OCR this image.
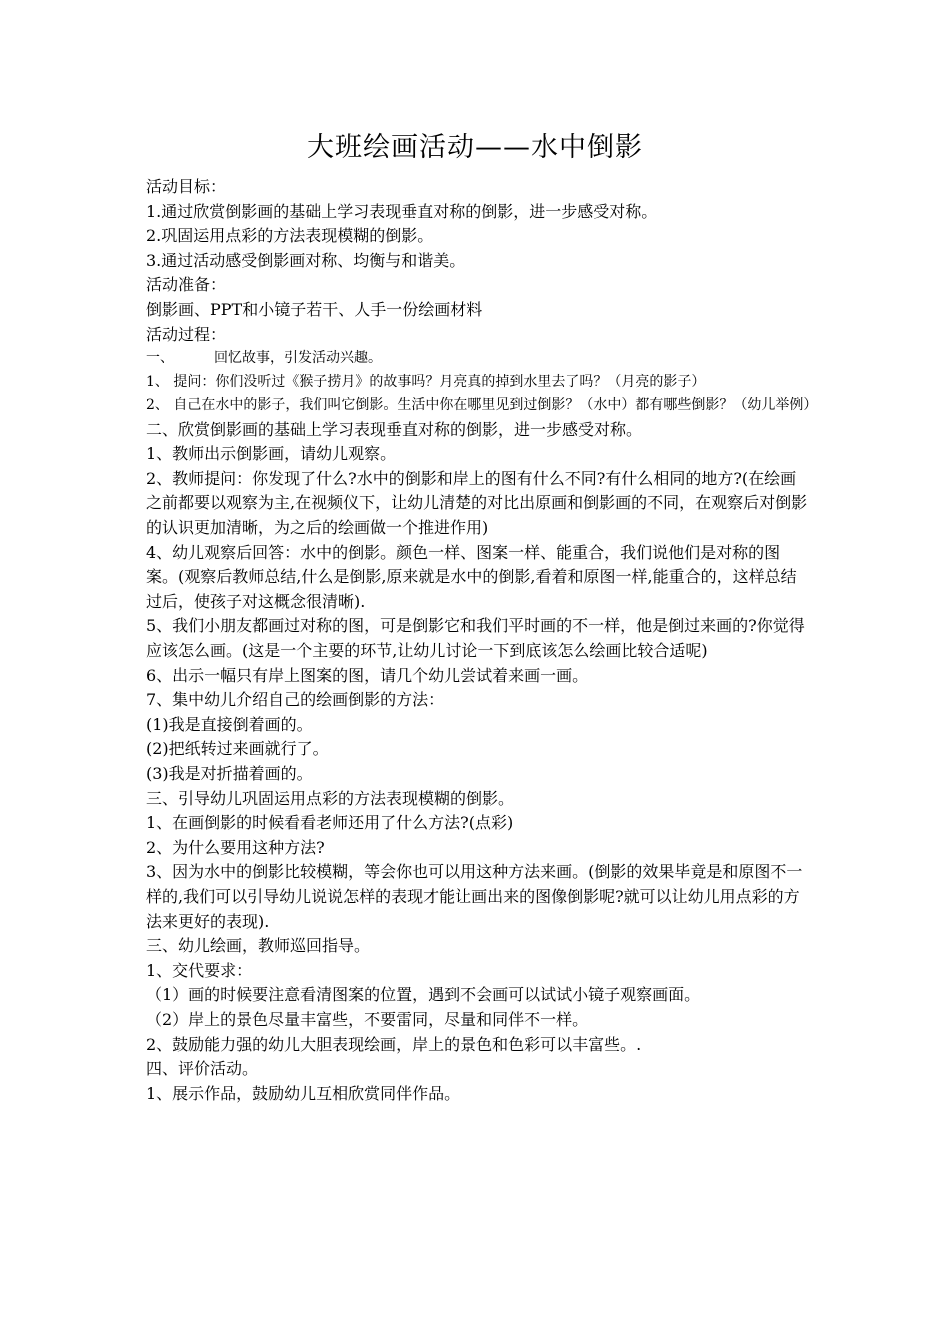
大班绘画活动——水中倒影

活动目标：

1.通过欣赏倒影画的基础上学习表现垂直对称的倒影，进一步感受对称。

2.巩固运用点彩的方法表现模糊的倒影。

3.通过活动感受倒影画对称、均衡与和谐美。

活动准备：

倒影画、PPT和小镜子若干、人手一份绘画材料

活动过程：

一、	回忆故事，引发活动兴趣。

1、 提问：你们没听过《猴子捞月》的故事吗？月亮真的掉到水里去了吗？（月亮的影子）

2、 自己在水中的影子，我们叫它倒影。生活中你在哪里见到过倒影？（水中）都有哪些倒影？（幼儿举例）

二、欣赏倒影画的基础上学习表现垂直对称的倒影，进一步感受对称。

1、教师出示倒影画，请幼儿观察。

2、教师提问：你发现了什么?水中的倒影和岸上的图有什么不同?有什么相同的地方?(在绘画之前都要以观察为主,在视频仪下，让幼儿清楚的对比出原画和倒影画的不同，在观察后对倒影的认识更加清晰，为之后的绘画做一个推进作用)

4、幼儿观察后回答：水中的倒影。颜色一样、图案一样、能重合，我们说他们是对称的图案。(观察后教师总结,什么是倒影,原来就是水中的倒影,看着和原图一样,能重合的，这样总结过后，使孩子对这概念很清晰).

5、我们小朋友都画过对称的图，可是倒影它和我们平时画的不一样，他是倒过来画的?你觉得应该怎么画。(这是一个主要的环节,让幼儿讨论一下到底该怎么绘画比较合适呢)

6、出示一幅只有岸上图案的图，请几个幼儿尝试着来画一画。

7、集中幼儿介绍自己的绘画倒影的方法：

(1)我是直接倒着画的。

(2)把纸转过来画就行了。

(3)我是对折描着画的。

三、引导幼儿巩固运用点彩的方法表现模糊的倒影。

1、在画倒影的时候看看老师还用了什么方法?(点彩)

2、为什么要用这种方法?

3、因为水中的倒影比较模糊，等会你也可以用这种方法来画。(倒影的效果毕竟是和原图不一样的,我们可以引导幼儿说说怎样的表现才能让画出来的图像倒影呢?就可以让幼儿用点彩的方法来更好的表现).

三、幼儿绘画，教师巡回指导。

1、交代要求：

（1）画的时候要注意看清图案的位置，遇到不会画可以试试小镜子观察画面。

（2）岸上的景色尽量丰富些，不要雷同，尽量和同伴不一样。

2、鼓励能力强的幼儿大胆表现绘画，岸上的景色和色彩可以丰富些。.

四、评价活动。

1、展示作品，鼓励幼儿互相欣赏同伴作品。
